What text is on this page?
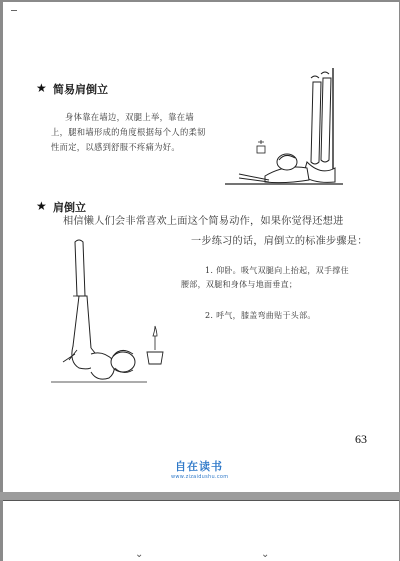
★ 简易肩倒立
身体靠在墙边，双腿上举，靠在墙
上，腿和墙形成的角度根据每个人的柔韧
性而定，以感到舒服不疼痛为好。
★ 肩倒立
相信懒人们会非常喜欢上面这个简易动作，如果你觉得还想进
一步练习的话，肩倒立的标准步骤是：
1. 仰卧。吸气双腿向上抬起，双手撑住
腰部，双腿和身体与地面垂直；
2. 呼气，膝盖弯曲贴于头部。
63
自在读书
www.zizaidushu.com
⌄	⌄
